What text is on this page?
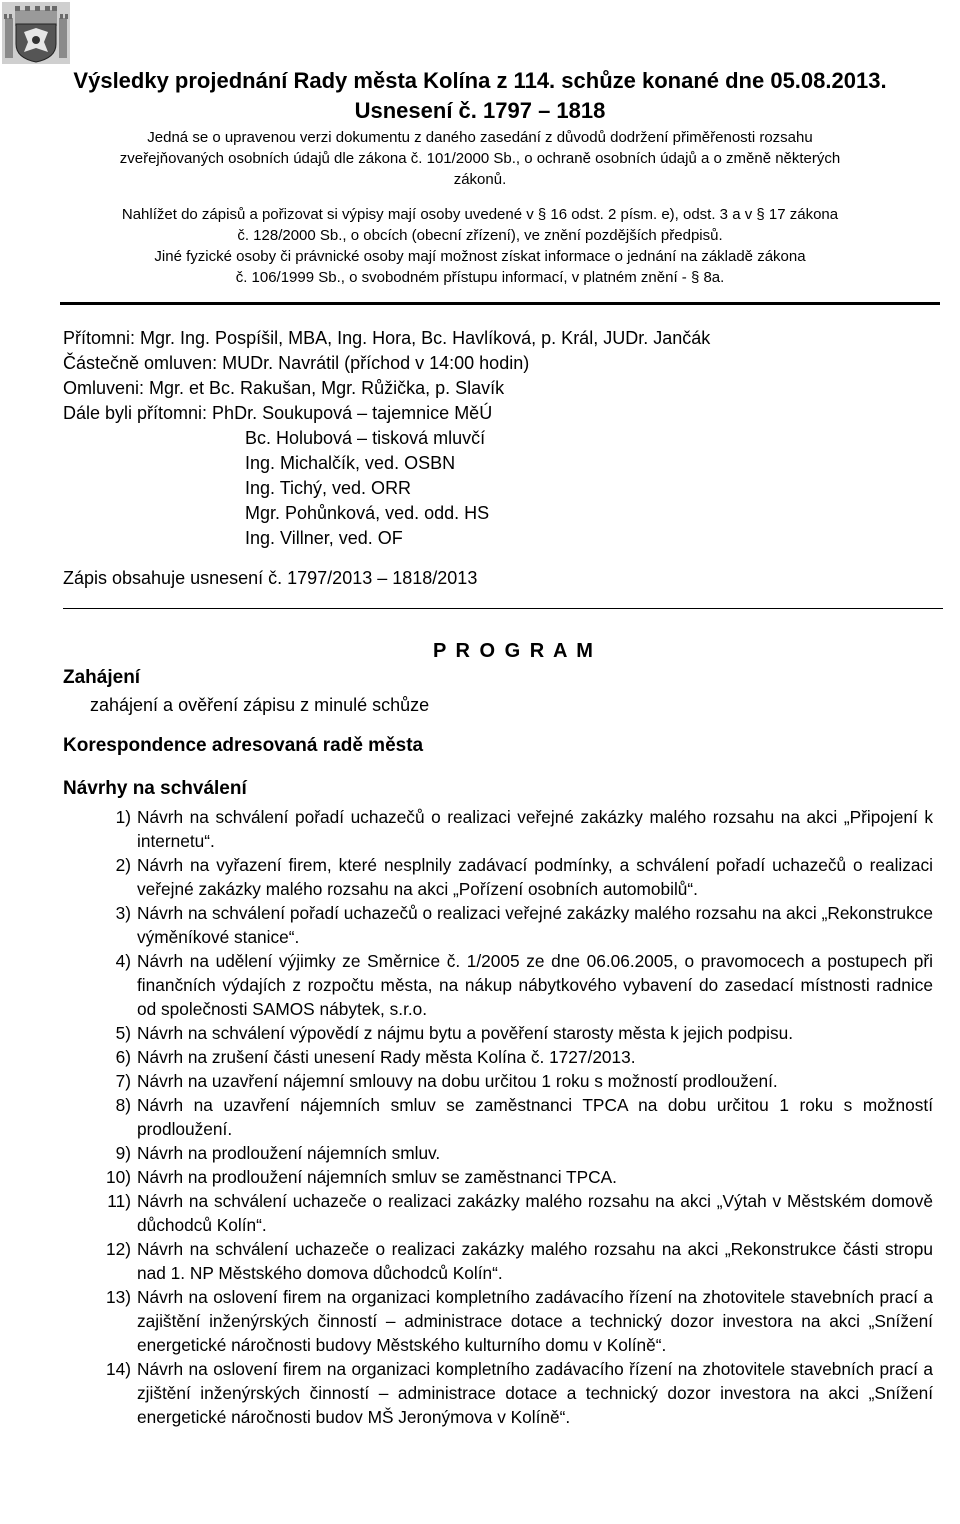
Výsledky projednání Rady města Kolína z 114. schůze konané dne 05.08.2013.
Usnesení č. 1797 – 1818
Jedná se o upravenou verzi dokumentu z daného zasedání z důvodů dodržení přiměřenosti rozsahu
zveřejňovaných osobních údajů dle zákona č. 101/2000 Sb., o ochraně osobních údajů a o změně některých
zákonů.
Nahlížet do zápisů a pořizovat si výpisy mají osoby uvedené v § 16 odst. 2 písm. e), odst. 3 a v § 17 zákona
č. 128/2000 Sb., o obcích (obecní zřízení), ve znění pozdějších předpisů.
Jiné fyzické osoby či právnické osoby mají možnost získat informace o jednání na základě zákona
č. 106/1999 Sb., o svobodném přístupu informací, v platném znění - § 8a.
Přítomni: Mgr. Ing. Pospíšil, MBA, Ing. Hora, Bc. Havlíková, p. Král, JUDr. Jančák
Částečně omluven: MUDr. Navrátil (příchod v 14:00 hodin)
Omluveni: Mgr. et Bc. Rakušan, Mgr. Růžička, p. Slavík
Dále byli přítomni: PhDr. Soukupová – tajemnice MěÚ
Bc. Holubová – tisková mluvčí
Ing. Michalčík, ved. OSBN
Ing. Tichý, ved. ORR
Mgr. Pohůnková, ved. odd. HS
Ing. Villner, ved. OF
Zápis obsahuje usnesení č. 1797/2013 – 1818/2013
P R O G R A M
Zahájení
zahájení a ověření zápisu z minulé schůze
Korespondence adresovaná radě města
Návrhy na schválení
1) Návrh na schválení pořadí uchazečů o realizaci veřejné zakázky malého rozsahu na akci „Připojení k internetu“.
2) Návrh na vyřazení firem, které nesplnily zadávací podmínky, a schválení pořadí uchazečů o realizaci veřejné zakázky malého rozsahu na akci „Pořízení osobních automobilů“.
3) Návrh na schválení pořadí uchazečů o realizaci veřejné zakázky malého rozsahu na akci „Rekonstrukce výměníkové stanice“.
4) Návrh na udělení výjimky ze Směrnice č. 1/2005 ze dne 06.06.2005, o pravomocech a postupech při finančních výdajích z rozpočtu města, na nákup nábytkového vybavení do zasedací místnosti radnice od společnosti SAMOS nábytek, s.r.o.
5) Návrh na schválení výpovědí z nájmu bytu a pověření starosty města k jejich podpisu.
6) Návrh na zrušení části unesení Rady města Kolína č. 1727/2013.
7) Návrh na uzavření nájemní smlouvy na dobu určitou 1 roku s možností prodloužení.
8) Návrh na uzavření nájemních smluv se zaměstnanci TPCA na dobu určitou 1 roku s možností prodloužení.
9) Návrh na prodloužení nájemních smluv.
10) Návrh na prodloužení nájemních smluv se zaměstnanci TPCA.
11) Návrh na schválení uchazeče o realizaci zakázky malého rozsahu na akci „Výtah v Městském domově důchodců Kolín“.
12) Návrh na schválení uchazeče o realizaci zakázky malého rozsahu na akci „Rekonstrukce části stropu nad 1. NP Městského domova důchodců Kolín“.
13) Návrh na oslovení firem na organizaci kompletního zadávacího řízení na zhotovitele stavebních prací a zajištění inženýrských činností – administrace dotace a technický dozor investora na akci „Snížení energetické náročnosti budovy Městského kulturního domu v Kolíně“.
14) Návrh na oslovení firem na organizaci kompletního zadávacího řízení na zhotovitele stavebních prací a zjištění inženýrských činností – administrace dotace a technický dozor investora na akci „Snížení energetické náročnosti budov MŠ Jeronýmova v Kolíně“.
